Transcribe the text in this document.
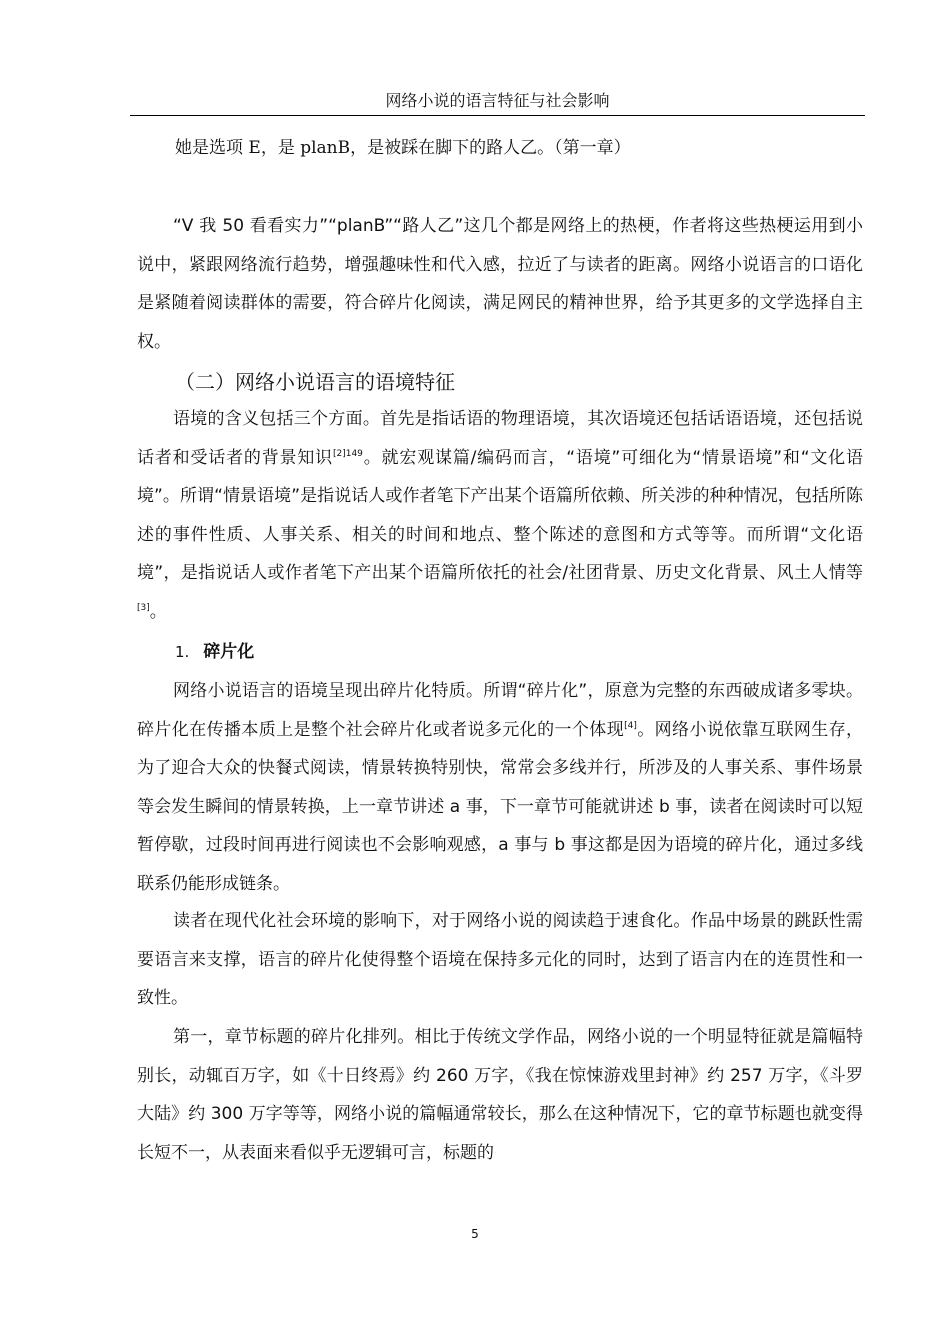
网络小说的语言特征与社会影响

她是选项 E，是 planB，是被踩在脚下的路人乙。（第一章）

“V 我 50 看看实力”“planB”“路人乙”这几个都是网络上的热梗，作者将这些热梗运用到小说中，紧跟网络流行趋势，增强趣味性和代入感，拉近了与读者的距离。网络小说语言的口语化是紧随着阅读群体的需要，符合碎片化阅读，满足网民的精神世界，给予其更多的文学选择自主权。

（二）网络小说语言的语境特征

语境的含义包括三个方面。首先是指话语的物理语境，其次语境还包括话语语境，还包括说话者和受话者的背景知识$^{[2]149}$。就宏观谋篇/编码而言，“语境”可细化为“情景语境”和“文化语境”。所谓“情景语境”是指说话人或作者笔下产出某个语篇所依赖、所关涉的种种情况，包括所陈述的事件性质、人事关系、相关的时间和地点、整个陈述的意图和方式等等。而所谓“文化语境”，是指说话人或作者笔下产出某个语篇所依托的社会/社团背景、历史文化背景、风土人情等[3]。

1. 碎片化

网络小说语言的语境呈现出碎片化特质。所谓“碎片化”，原意为完整的东西破成诸多零块。碎片化在传播本质上是整个社会碎片化或者说多元化的一个体现[4]。网络小说依靠互联网生存，为了迎合大众的快餐式阅读，情景转换特别快，常常会多线并行，所涉及的人事关系、事件场景等会发生瞬间的情景转换，上一章节讲述 a 事，下一章节可能就讲述 b 事，读者在阅读时可以短暂停歇，过段时间再进行阅读也不会影响观感，a 事与 b 事这都是因为语境的碎片化，通过多线联系仍能形成链条。

读者在现代化社会环境的影响下，对于网络小说的阅读趋于速食化。作品中场景的跳跃性需要语言来支撑，语言的碎片化使得整个语境在保持多元化的同时，达到了语言内在的连贯性和一致性。

第一，章节标题的碎片化排列。相比于传统文学作品，网络小说的一个明显特征就是篇幅特别长，动辄百万字，如《十日终焉》约 260 万字，《我在惊悚游戏里封神》约 257 万字，《斗罗大陆》约 300 万字等等，网络小说的篇幅通常较长，那么在这种情况下，它的章节标题也就变得长短不一，从表面来看似乎无逻辑可言，标题的

5
